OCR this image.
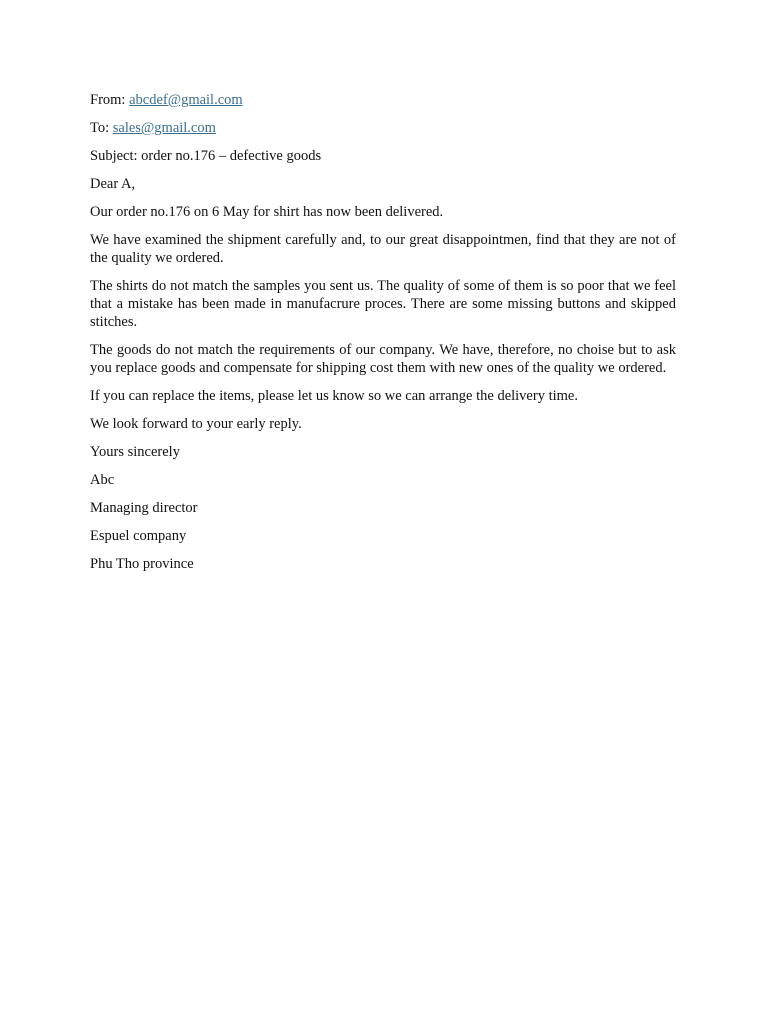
From: abcdef@gmail.com
To: sales@gmail.com
Subject: order no.176 – defective goods

Dear A,

Our order no.176 on 6 May for shirt has now been delivered.

We have examined the shipment carefully and, to our great disappointmen, find that they are not of the quality we ordered.

The shirts do not match the samples you sent us. The quality of some of them is so poor that we feel that a mistake has been made in manufacrure proces. There are some missing buttons and skipped stitches.

The goods do not match the requirements of our company. We have, therefore, no choise but to ask you replace goods and compensate for shipping cost them with new ones of the quality we ordered.

If you can replace the items, please let us know so we can arrange the delivery time.

We look forward to your early reply.

Yours sincerely

Abc

Managing director

Espuel company

Phu Tho province
